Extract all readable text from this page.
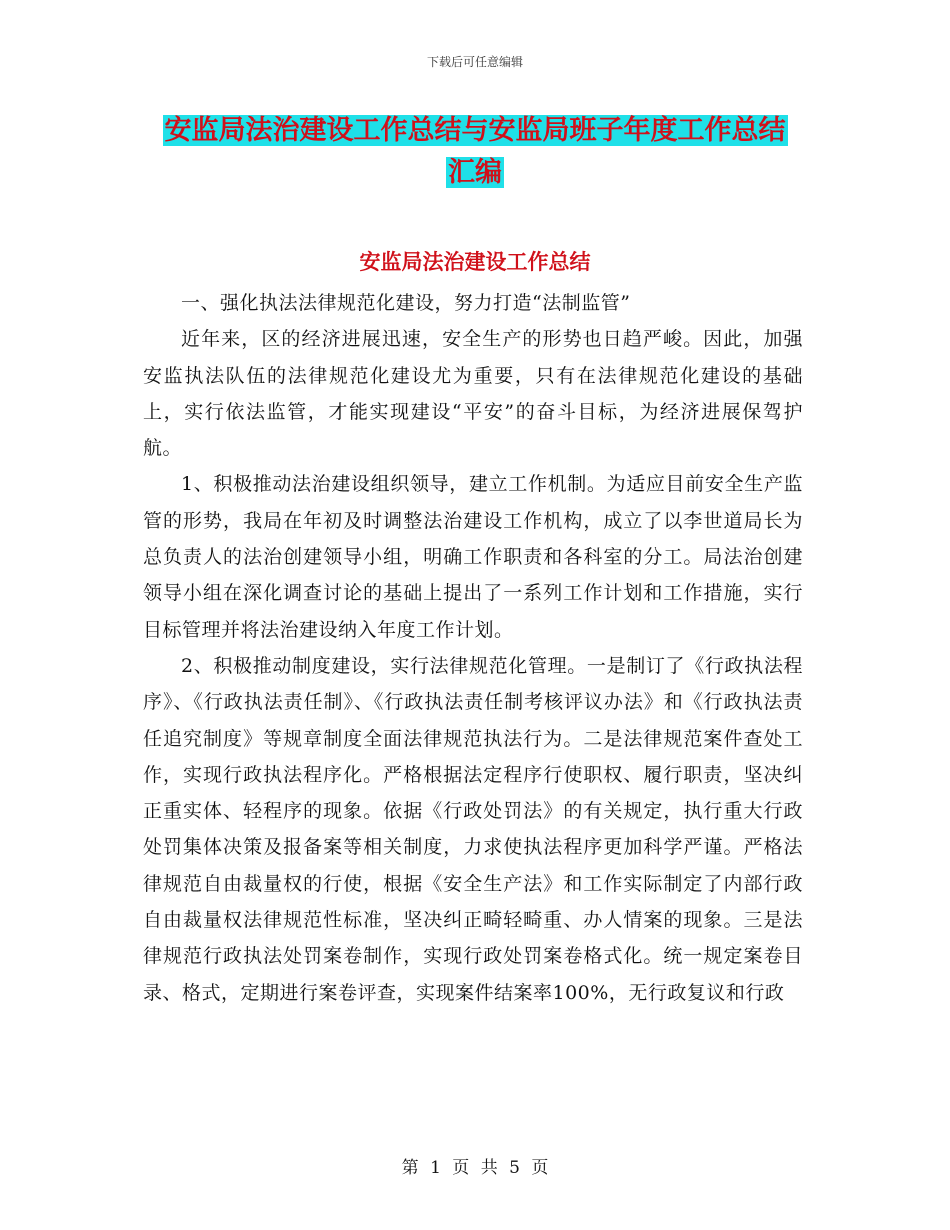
下载后可任意编辑
安监局法治建设工作总结与安监局班子年度工作总结
汇编
安监局法治建设工作总结

一、强化执法法律规范化建设，努力打造“法制监管”

近年来，区的经济进展迅速，安全生产的形势也日趋严峻。因此，加强安监执法队伍的法律规范化建设尤为重要，只有在法律规范化建设的基础上，实行依法监管，才能实现建设“平安”的奋斗目标，为经济进展保驾护航。

1、积极推动法治建设组织领导，建立工作机制。为适应目前安全生产监管的形势，我局在年初及时调整法治建设工作机构，成立了以李世道局长为总负责人的法治创建领导小组，明确工作职责和各科室的分工。局法治创建领导小组在深化调查讨论的基础上提出了一系列工作计划和工作措施，实行目标管理并将法治建设纳入年度工作计划。

2、积极推动制度建设，实行法律规范化管理。一是制订了《行政执法程序》、《行政执法责任制》、《行政执法责任制考核评议办法》和《行政执法责任追究制度》等规章制度全面法律规范执法行为。二是法律规范案件查处工作，实现行政执法程序化。严格根据法定程序行使职权、履行职责，坚决纠正重实体、轻程序的现象。依据《行政处罚法》的有关规定，执行重大行政处罚集体决策及报备案等相关制度，力求使执法程序更加科学严谨。严格法律规范自由裁量权的行使，根据《安全生产法》和工作实际制定了内部行政自由裁量权法律规范性标准，坚决纠正畸轻畸重、办人情案的现象。三是法律规范行政执法处罚案卷制作，实现行政处罚案卷格式化。统一规定案卷目录、格式，定期进行案卷评查，实现案件结案率100%，无行政复议和行政

第 1 页 共 5 页
